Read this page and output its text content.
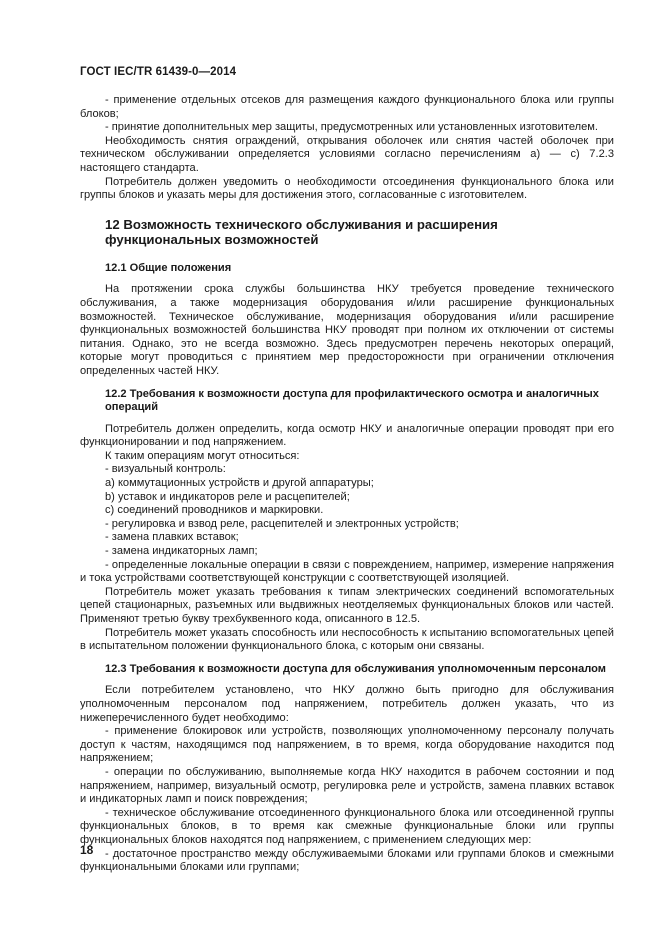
ГОСТ IEC/TR 61439-0—2014

- применение отдельных отсеков для размещения каждого функционального блока или группы блоков;

- принятие дополнительных мер защиты, предусмотренных или установленных изготовителем.

Необходимость снятия ограждений, открывания оболочек или снятия частей оболочек при техническом обслуживании определяется условиями согласно перечислениям а) — с) 7.2.3 настоящего стандарта.

Потребитель должен уведомить о необходимости отсоединения функционального блока или группы блоков и указать меры для достижения этого, согласованные с изготовителем.

12 Возможность технического обслуживания и расширения функциональных возможностей
12.1 Общие положения

На протяжении срока службы большинства НКУ требуется проведение технического обслуживания, а также модернизация оборудования и/или расширение функциональных возможностей. Техническое обслуживание, модернизация оборудования и/или расширение функциональных возможностей большинства НКУ проводят при полном их отключении от системы питания. Однако, это не всегда возможно. Здесь предусмотрен перечень некоторых операций, которые могут проводиться с принятием мер предосторожности при ограничении отключения определенных частей НКУ.

12.2 Требования к возможности доступа для профилактического осмотра и аналогичных операций

Потребитель должен определить, когда осмотр НКУ и аналогичные операции проводят при его функционировании и под напряжением.

К таким операциям могут относиться:

- визуальный контроль:

a) коммутационных устройств и другой аппаратуры;

b) уставок и индикаторов реле и расцепителей;

c) соединений проводников и маркировки.

- регулировка и взвод реле, расцепителей и электронных устройств;

- замена плавких вставок;

- замена индикаторных ламп;

- определенные локальные операции в связи с повреждением, например, измерение напряжения и тока устройствами соответствующей конструкции с соответствующей изоляцией.

Потребитель может указать требования к типам электрических соединений вспомогательных цепей стационарных, разъемных или выдвижных неотделяемых функциональных блоков или частей. Применяют третью букву трехбуквенного кода, описанного в 12.5.

Потребитель может указать способность или неспособность к испытанию вспомогательных цепей в испытательном положении функционального блока, с которым они связаны.

12.3 Требования к возможности доступа для обслуживания уполномоченным персоналом

Если потребителем установлено, что НКУ должно быть пригодно для обслуживания уполномоченным персоналом под напряжением, потребитель должен указать, что из нижеперечисленного будет необходимо:

- применение блокировок или устройств, позволяющих уполномоченному персоналу получать доступ к частям, находящимся под напряжением, в то время, когда оборудование находится под напряжением;

- операции по обслуживанию, выполняемые когда НКУ находится в рабочем состоянии и под напряжением, например, визуальный осмотр, регулировка реле и устройств, замена плавких вставок и индикаторных ламп и поиск повреждения;

- техническое обслуживание отсоединенного функционального блока или отсоединенной группы функциональных блоков, в то время как смежные функциональные блоки или группы функциональных блоков находятся под напряжением, с применением следующих мер:

- достаточное пространство между обслуживаемыми блоками или группами блоков и смежными функциональными блоками или группами;

18
